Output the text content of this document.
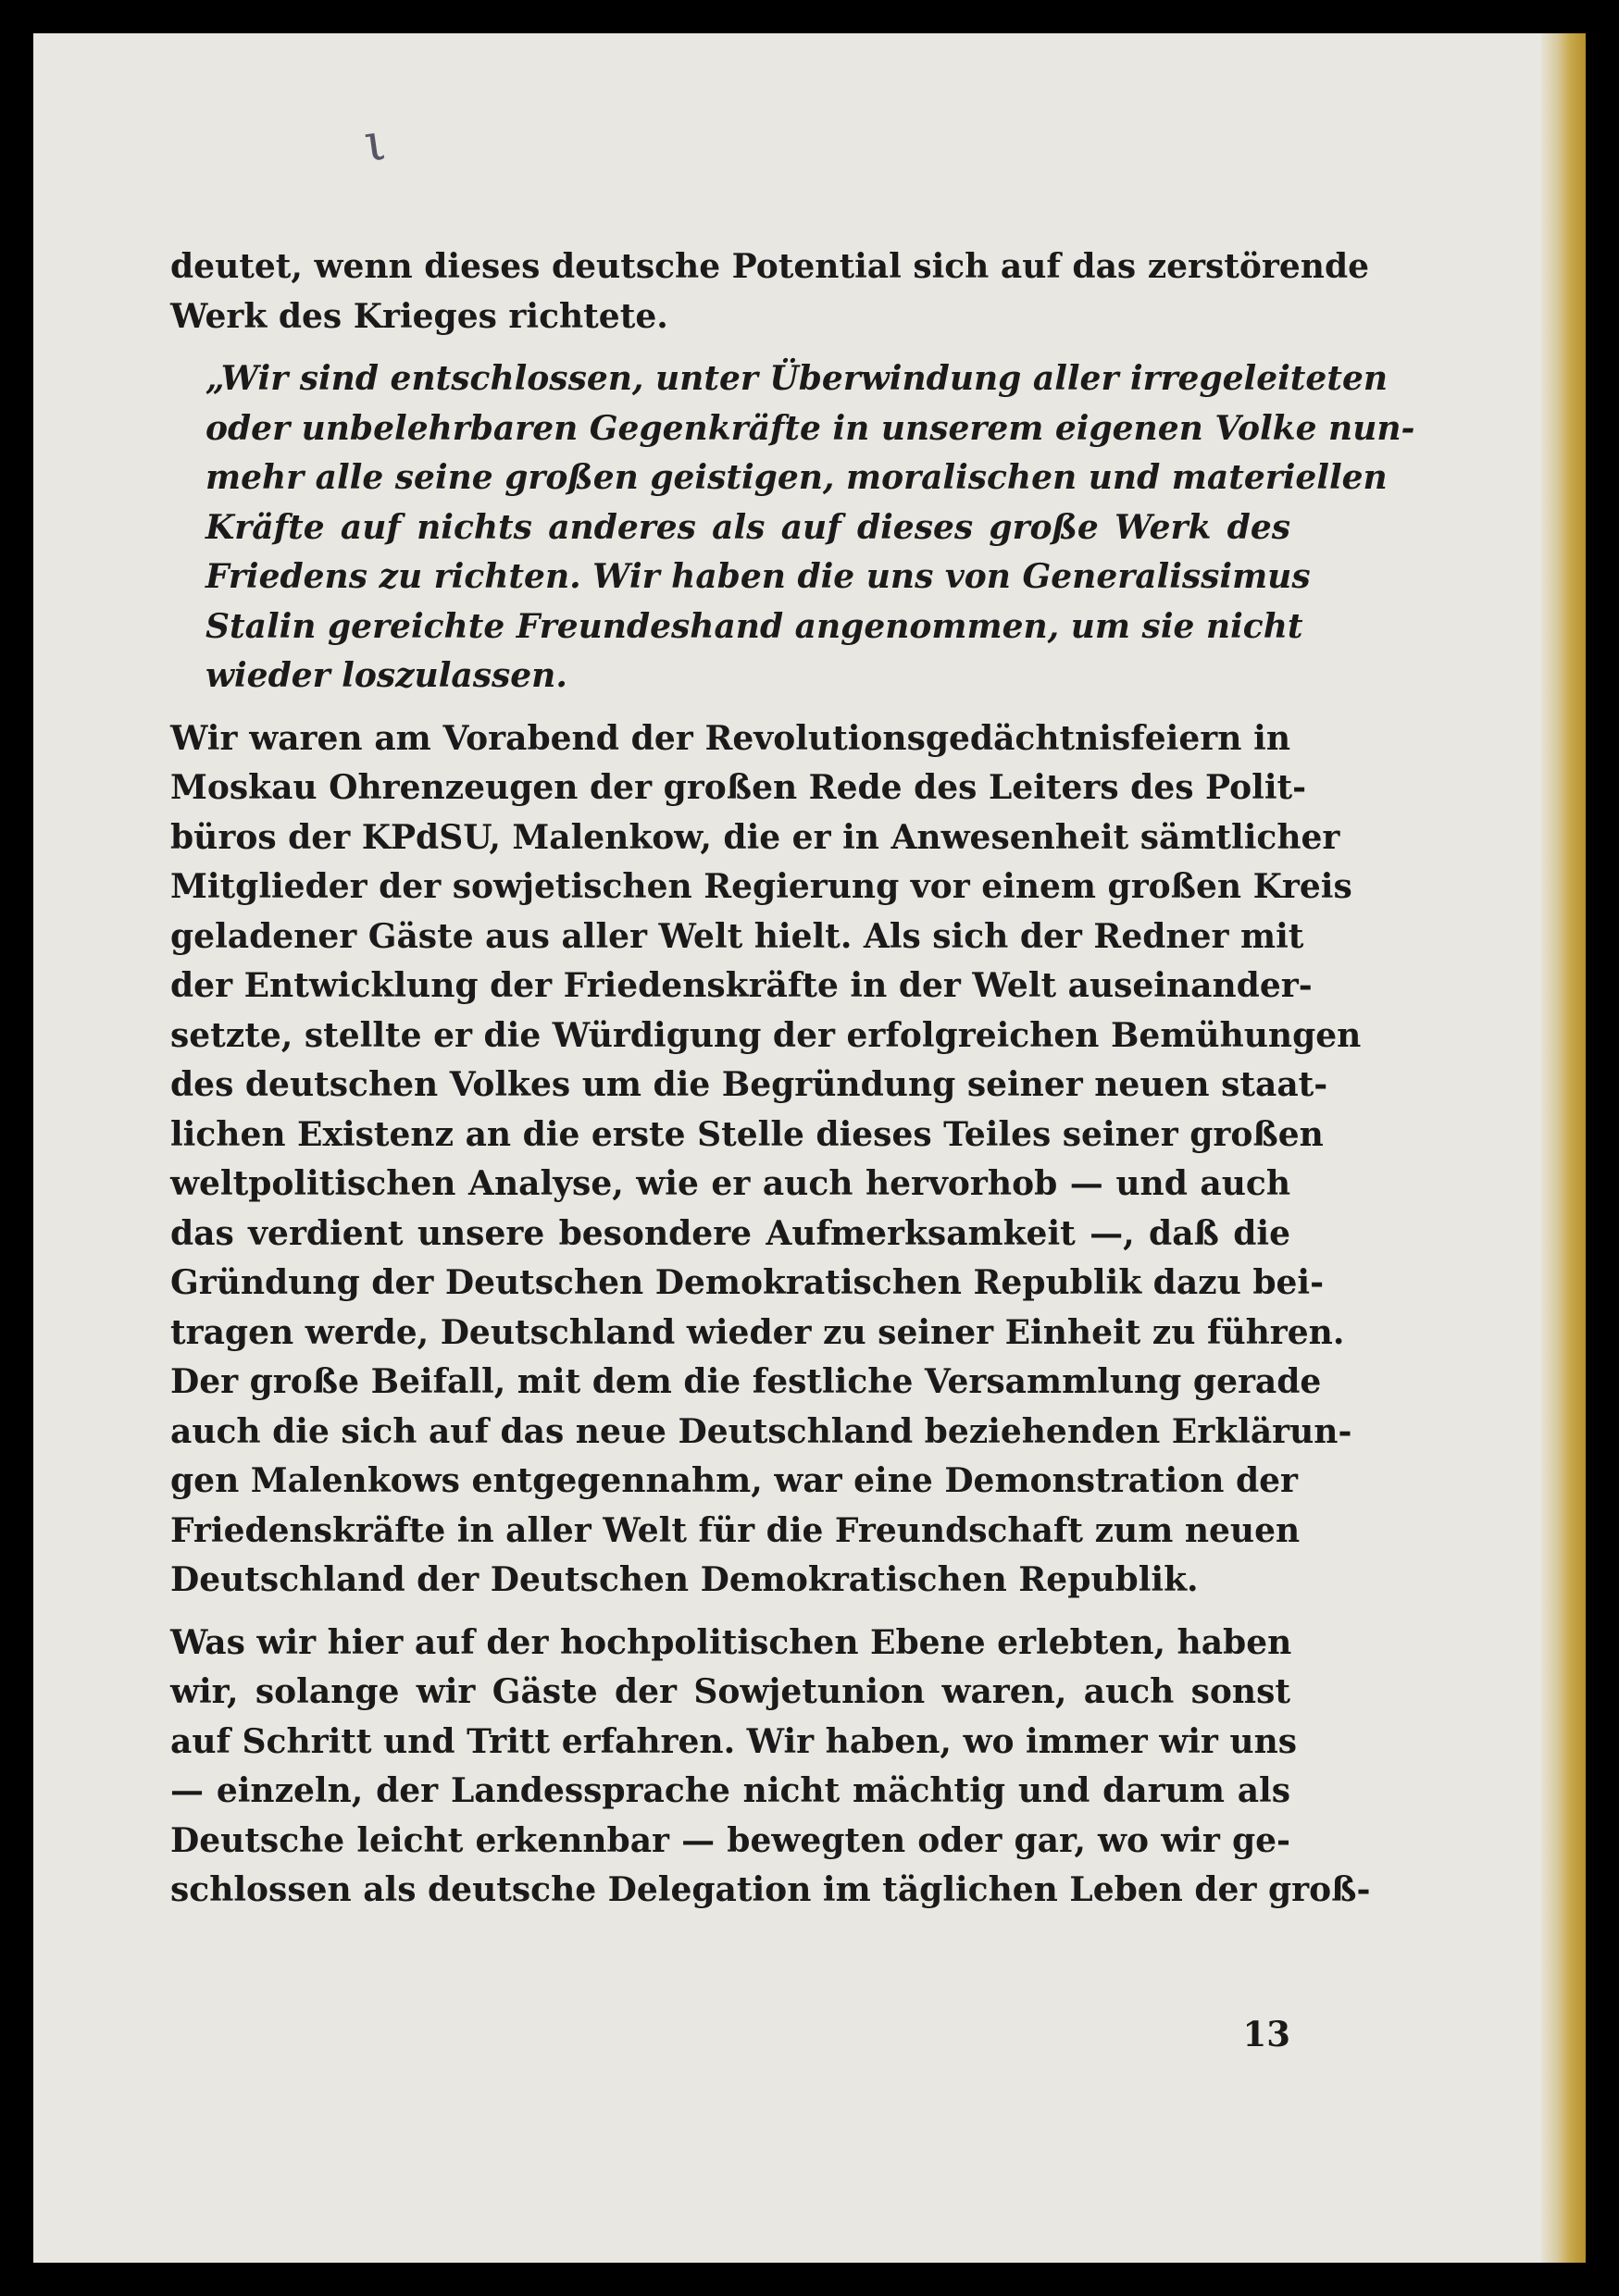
ι
deutet, wenn dieses deutsche Potential sich auf das zerstörende
Werk des Krieges richtete.
„Wir sind entschlossen, unter Überwindung aller irregeleiteten
oder unbelehrbaren Gegenkräfte in unserem eigenen Volke nun-
mehr alle seine großen geistigen, moralischen und materiellen
Kräfte auf nichts anderes als auf dieses große Werk des
Friedens zu richten. Wir haben die uns von Generalissimus
Stalin gereichte Freundeshand angenommen, um sie nicht
wieder loszulassen.
Wir waren am Vorabend der Revolutionsgedächtnisfeiern in
Moskau Ohrenzeugen der großen Rede des Leiters des Polit-
büros der KPdSU, Malenkow, die er in Anwesenheit sämtlicher
Mitglieder der sowjetischen Regierung vor einem großen Kreis
geladener Gäste aus aller Welt hielt. Als sich der Redner mit
der Entwicklung der Friedenskräfte in der Welt auseinander-
setzte, stellte er die Würdigung der erfolgreichen Bemühungen
des deutschen Volkes um die Begründung seiner neuen staat-
lichen Existenz an die erste Stelle dieses Teiles seiner großen
weltpolitischen Analyse, wie er auch hervorhob — und auch
das verdient unsere besondere Aufmerksamkeit —, daß die
Gründung der Deutschen Demokratischen Republik dazu bei-
tragen werde, Deutschland wieder zu seiner Einheit zu führen.
Der große Beifall, mit dem die festliche Versammlung gerade
auch die sich auf das neue Deutschland beziehenden Erklärun-
gen Malenkows entgegennahm, war eine Demonstration der
Friedenskräfte in aller Welt für die Freundschaft zum neuen
Deutschland der Deutschen Demokratischen Republik.
Was wir hier auf der hochpolitischen Ebene erlebten, haben
wir, solange wir Gäste der Sowjetunion waren, auch sonst
auf Schritt und Tritt erfahren. Wir haben, wo immer wir uns
— einzeln, der Landessprache nicht mächtig und darum als
Deutsche leicht erkennbar — bewegten oder gar, wo wir ge-
schlossen als deutsche Delegation im täglichen Leben der groß-
13
